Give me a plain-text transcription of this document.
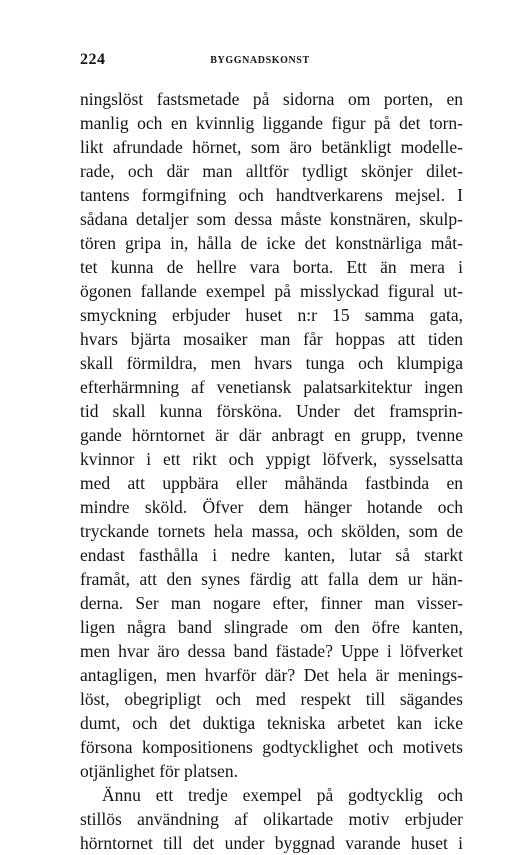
224	BYGGNADSKONST
ningslöst fastsmetade på sidorna om porten, en
manlig och en kvinnlig liggande figur på det torn-
likt afrundade hörnet, som äro betänkligt modelle-
rade, och där man alltför tydligt skönjer dilet-
tantens formgifning och handtverkarens mejsel. I
sådana detaljer som dessa måste konstnären, skulp-
tören gripa in, hålla de icke det konstnärliga måt-
tet kunna de hellre vara borta. Ett än mera i
ögonen fallande exempel på misslyckad figural ut-
smyckning erbjuder huset n:r 15 samma gata,
hvars bjärta mosaiker man får hoppas att tiden
skall förmildra, men hvars tunga och klumpiga
efterhärmning af venetiansk palatsarkitektur ingen
tid skall kunna försköna. Under det framsprin-
gande hörntornet är där anbragt en grupp, tvenne
kvinnor i ett rikt och yppigt löfverk, sysselsatta
med att uppbära eller måhända fastbinda en
mindre sköld. Öfver dem hänger hotande och
tryckande tornets hela massa, och skölden, som de
endast fasthålla i nedre kanten, lutar så starkt
framåt, att den synes färdig att falla dem ur hän-
derna. Ser man nogare efter, finner man visser-
ligen några band slingrade om den öfre kanten,
men hvar äro dessa band fästade? Uppe i löfverket
antagligen, men hvarför där? Det hela är menings-
löst, obegripligt och med respekt till sägandes
dumt, och det duktiga tekniska arbetet kan icke
försona kompositionens godtycklighet och motivets
otjänlighet för platsen.
Ännu ett tredje exempel på godtycklig och
stillös användning af olikartade motiv erbjuder
hörntornet till det under byggnad varande huset i
